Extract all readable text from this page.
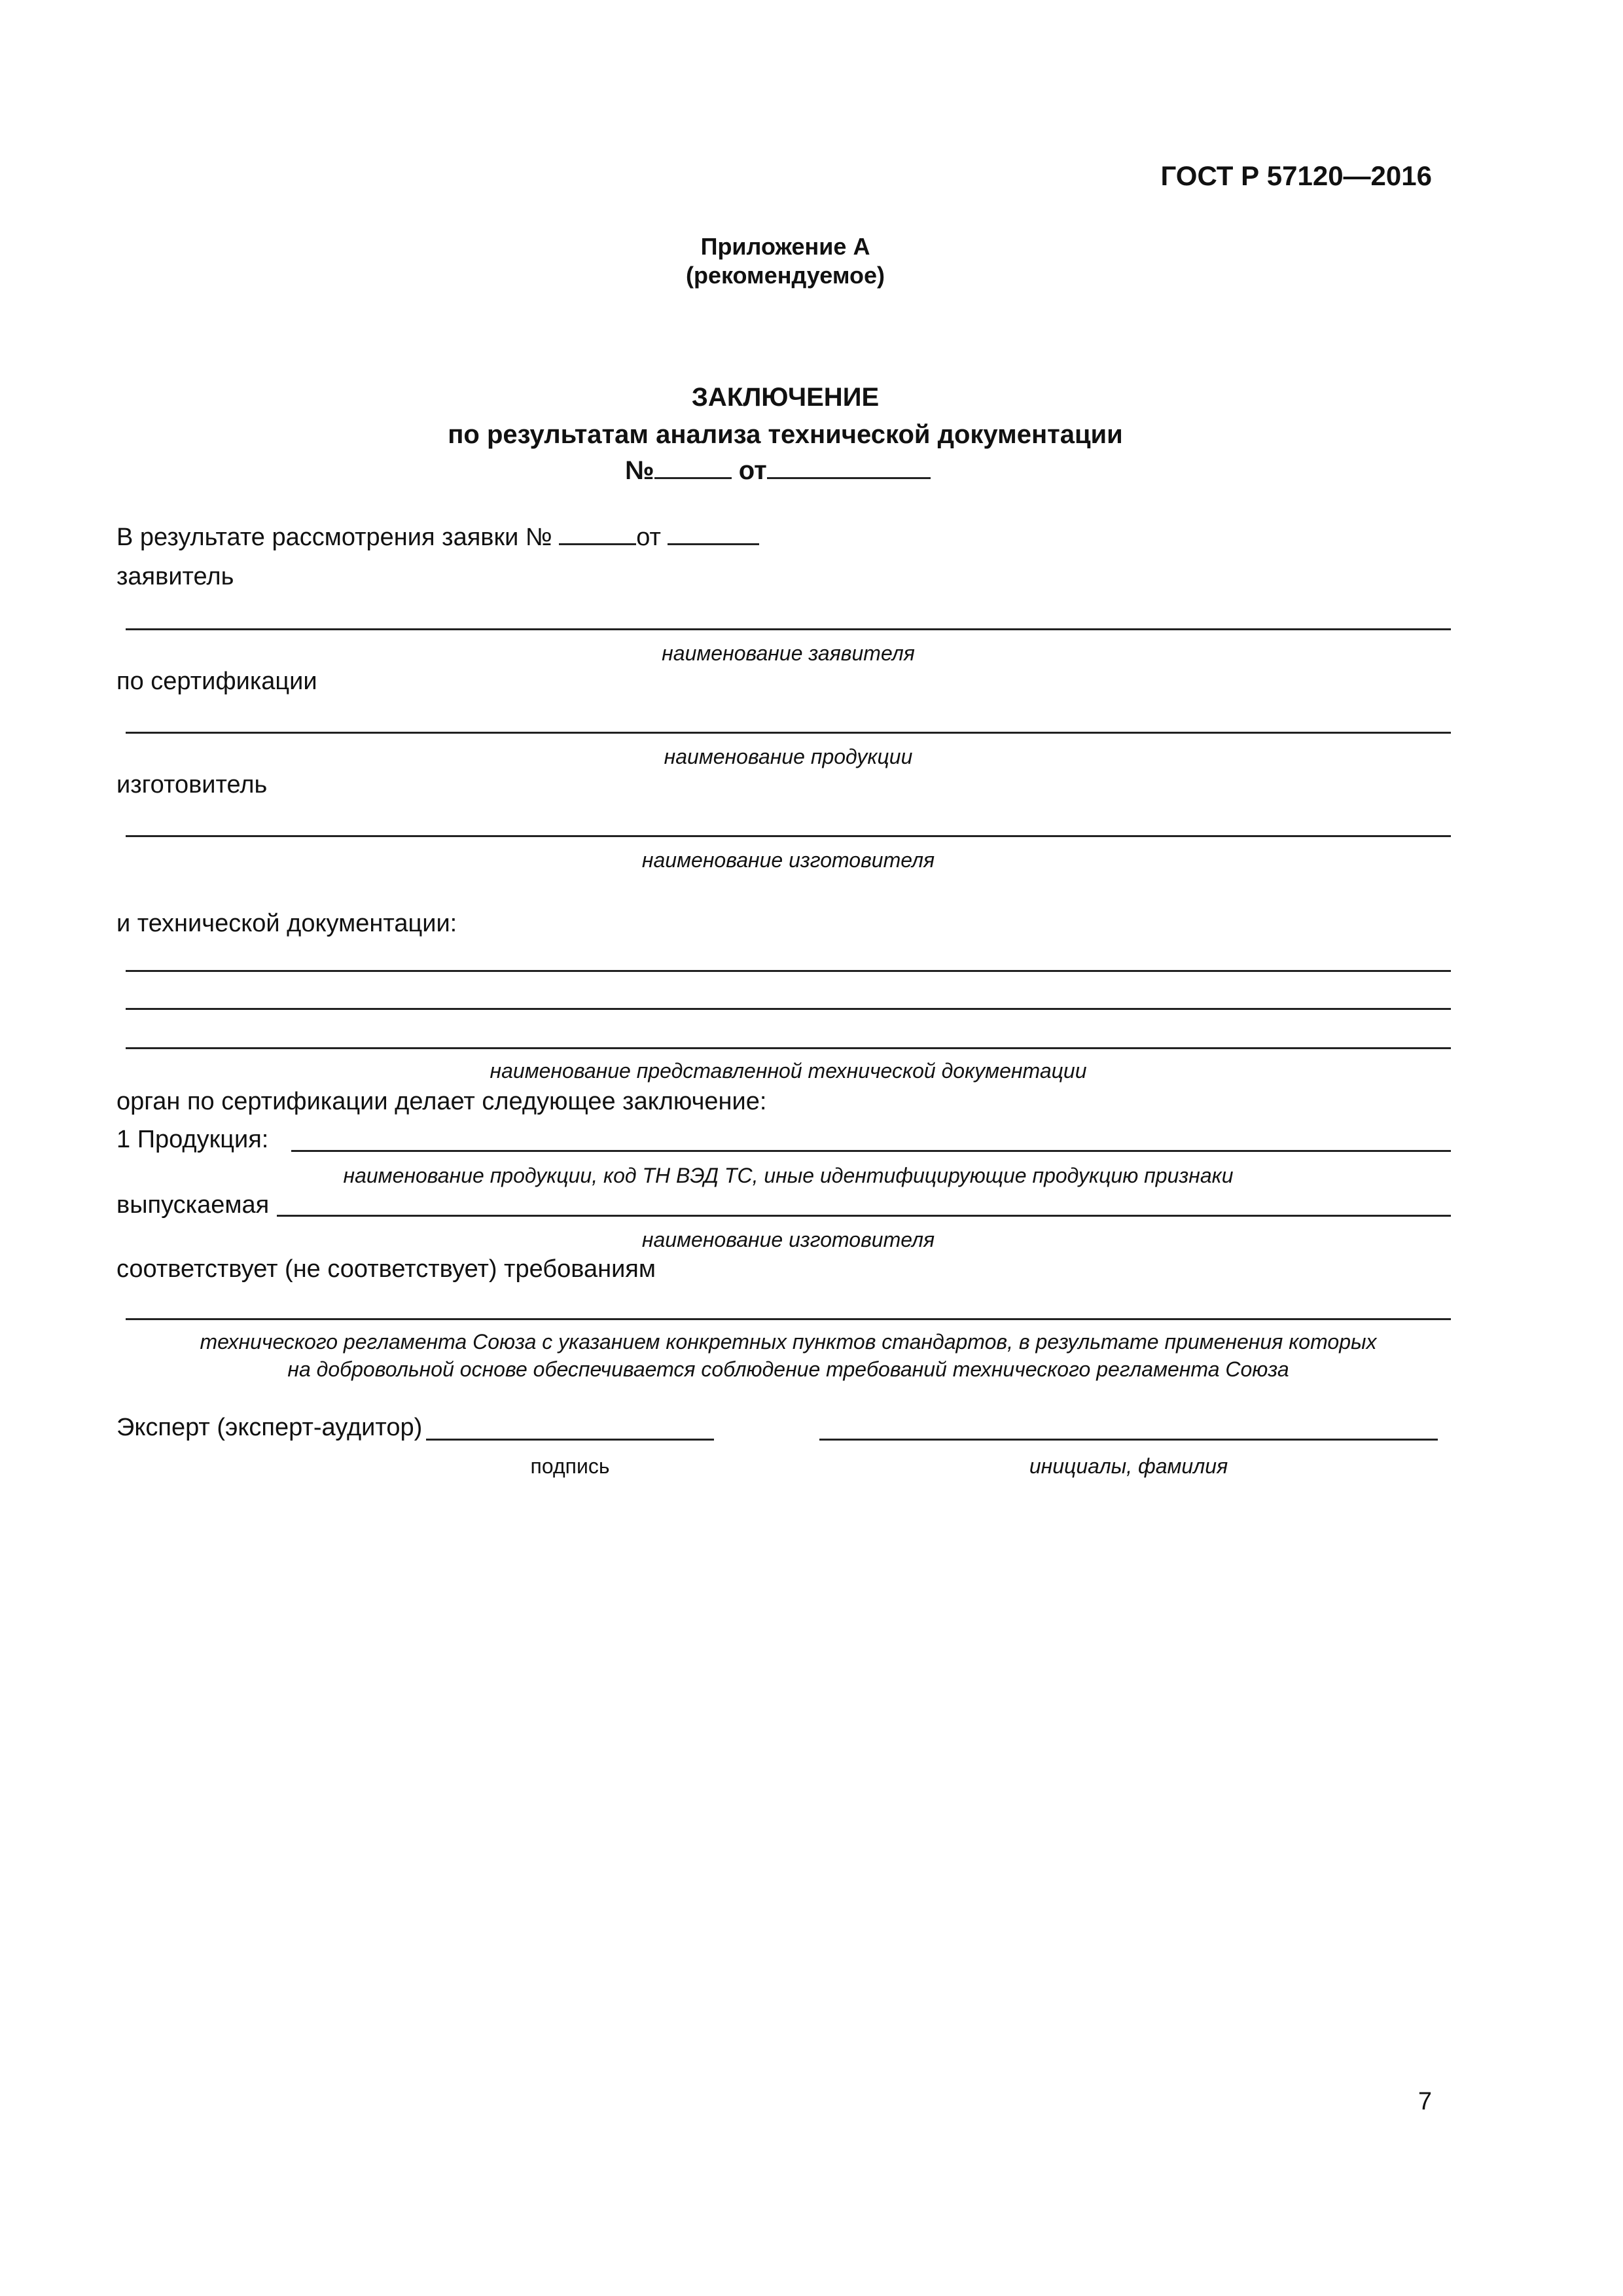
ГОСТ Р 57120—2016
Приложение А
(рекомендуемое)
ЗАКЛЮЧЕНИЕ
по результатам анализа технической документации
№	от
В результате рассмотрения заявки №	от
заявитель
наименование заявителя
по сертификации
наименование продукции
изготовитель
наименование изготовителя
и технической документации:
наименование представленной технической документации
орган по сертификации делает следующее заключение:
1 Продукция:
наименование продукции, код ТН ВЭД ТС, иные идентифицирующие продукцию признаки
выпускаемая
наименование изготовителя
соответствует (не соответствует) требованиям
технического регламента Союза с указанием конкретных пунктов стандартов, в результате применения которых
на добровольной основе обеспечивается соблюдение требований технического регламента Союза
Эксперт (эксперт-аудитор)
подпись	инициалы, фамилия
7
